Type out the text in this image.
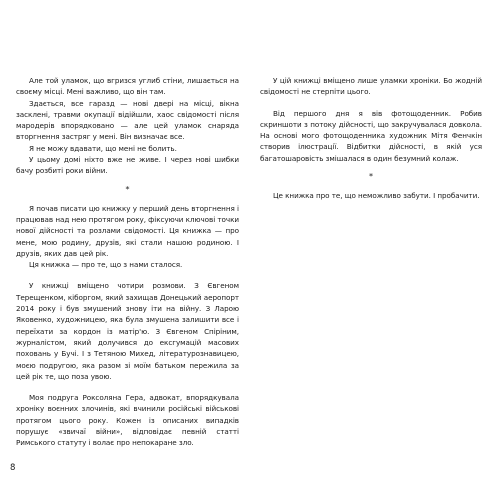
Але той уламок, що вгризся углиб стіни, лишається на своєму місці. Мені важливо, що він там.

Здається, все гаразд — нові двері на місці, вікна засклені, травми окупації відійшли, хаос свідомості після мародерів впорядковано — але цей уламок снаряда вторгнення застряг у мені. Він визначає все.

Я не можу вдавати, що мені не болить.

У цьому домі ніхто вже не живе. І через нові шибки бачу розбиті роки війни.

*

Я почав писати цю книжку у перший день вторгнення і працював над нею протягом року, фіксуючи ключові точки нової дійсності та розлами свідомості. Ця книжка — про мене, мою родину, друзів, які стали нашою родиною. І друзів, яких дав цей рік.

Ця книжка — про те, що з нами сталося.

У книжці вміщено чотири розмови. З Євгеном Терещенком, кіборгом, який захищав Донецький аеропорт 2014 року і був змушений знову іти на війну. З Ларою Яковенко, художницею, яка була змушена залишити все і переїхати за кордон із матір'ю. З Євгеном Спіріним, журналістом, який долучився до ексгумацій масових поховань у Бучі. І з Тетяною Миxед, літературознавицею, моєю подругою, яка разом зі моїм батьком пережила за цей рік те, що поза увою.

Моя подруга Роксоляна Гера, адвокат, впорядкувала хроніку воєнних злочинів, які вчинили російські військові протягом цього року. Кожен із описаних випадків порушує «звичаї війни», відповідає певній статті Римського статуту і волає про непокаране зло.

8

У цій книжці вміщено лише уламки хроніки. Бо жодній свідомості не стерпіти цього.

Від першого дня я вів фотощоденник. Робив скриншоти з потоку дійсності, що закручувалася довкола. На основі мого фотощоденника художник Мітя Фенчкін створив ілюстрації. Відбитки дійсності, в якій уся багатошаровість змішалася в один безумний колаж.

*

Це книжка про те, що неможливо забути. І пробачити.
